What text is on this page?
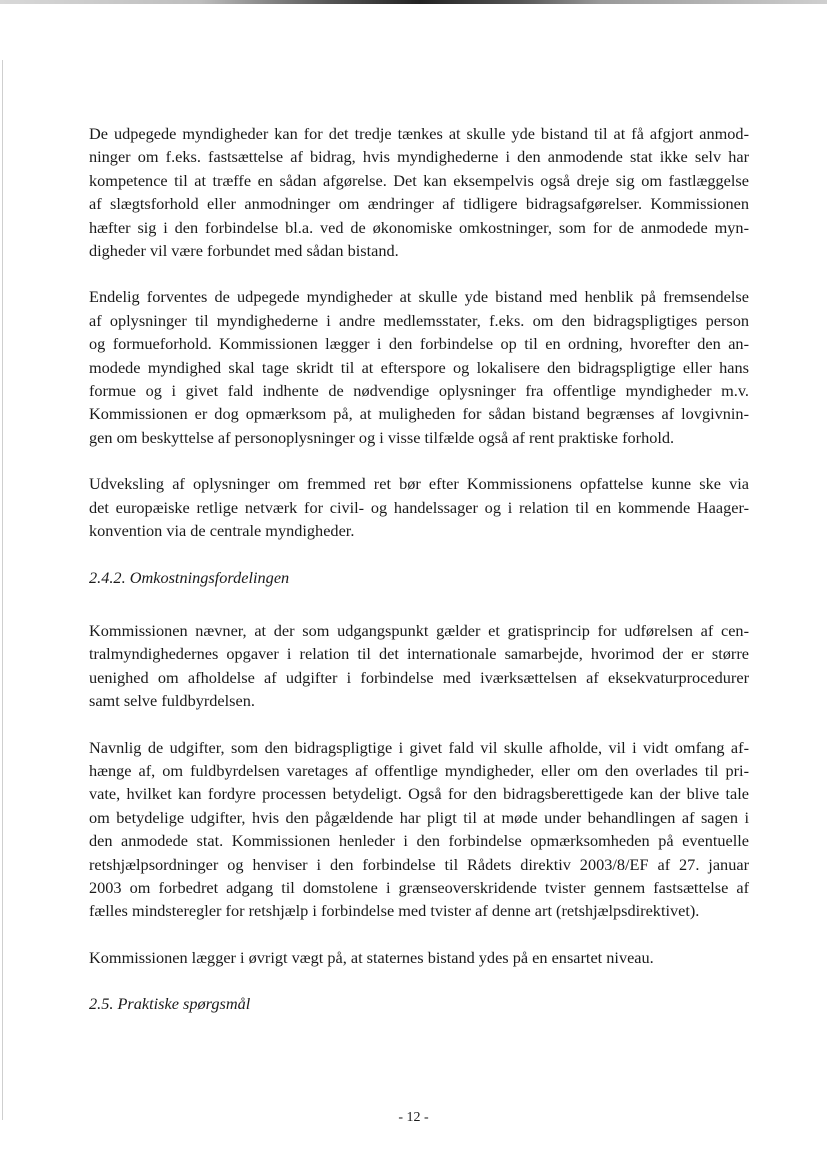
De udpegede myndigheder kan for det tredje tænkes at skulle yde bistand til at få afgjort anmod-
ninger om f.eks. fastsættelse af bidrag, hvis myndighederne i den anmodende stat ikke selv har
kompetence til at træffe en sådan afgørelse. Det kan eksempelvis også dreje sig om fastlæggelse
af slægtsforhold eller anmodninger om ændringer af tidligere bidragsafgørelser. Kommissionen
hæfter sig i den forbindelse bl.a. ved de økonomiske omkostninger, som for de anmodede myn-
digheder vil være forbundet med sådan bistand.

Endelig forventes de udpegede myndigheder at skulle yde bistand med henblik på fremsendelse
af oplysninger til myndighederne i andre medlemsstater, f.eks. om den bidragspligtiges person
og formueforhold. Kommissionen lægger i den forbindelse op til en ordning, hvorefter den an-
modede myndighed skal tage skridt til at efterspore og lokalisere den bidragspligtige eller hans
formue og i givet fald indhente de nødvendige oplysninger fra offentlige myndigheder m.v.
Kommissionen er dog opmærksom på, at muligheden for sådan bistand begrænses af lovgivnin-
gen om beskyttelse af personoplysninger og i visse tilfælde også af rent praktiske forhold.

Udveksling af oplysninger om fremmed ret bør efter Kommissionens opfattelse kunne ske via
det europæiske retlige netværk for civil- og handelssager og i relation til en kommende Haager-
konvention via de centrale myndigheder.

2.4.2. Omkostningsfordelingen

Kommissionen nævner, at der som udgangspunkt gælder et gratisprincip for udførelsen af cen-
tralmyndighedernes opgaver i relation til det internationale samarbejde, hvorimod der er større
uenighed om afholdelse af udgifter i forbindelse med iværksættelsen af eksekvaturprocedurer
samt selve fuldbyrdelsen.

Navnlig de udgifter, som den bidragspligtige i givet fald vil skulle afholde, vil i vidt omfang af-
hænge af, om fuldbyrdelsen varetages af offentlige myndigheder, eller om den overlades til pri-
vate, hvilket kan fordyre processen betydeligt. Også for den bidragsberettigede kan der blive tale
om betydelige udgifter, hvis den pågældende har pligt til at møde under behandlingen af sagen i
den anmodede stat. Kommissionen henleder i den forbindelse opmærksomheden på eventuelle
retshjælpsordninger og henviser i den forbindelse til Rådets direktiv 2003/8/EF af 27. januar
2003 om forbedret adgang til domstolene i grænseoverskridende tvister gennem fastsættelse af
fælles mindsteregler for retshjælp i forbindelse med tvister af denne art (retshjælpsdirektivet).

Kommissionen lægger i øvrigt vægt på, at staternes bistand ydes på en ensartet niveau.

2.5. Praktiske spørgsmål
- 12 -
